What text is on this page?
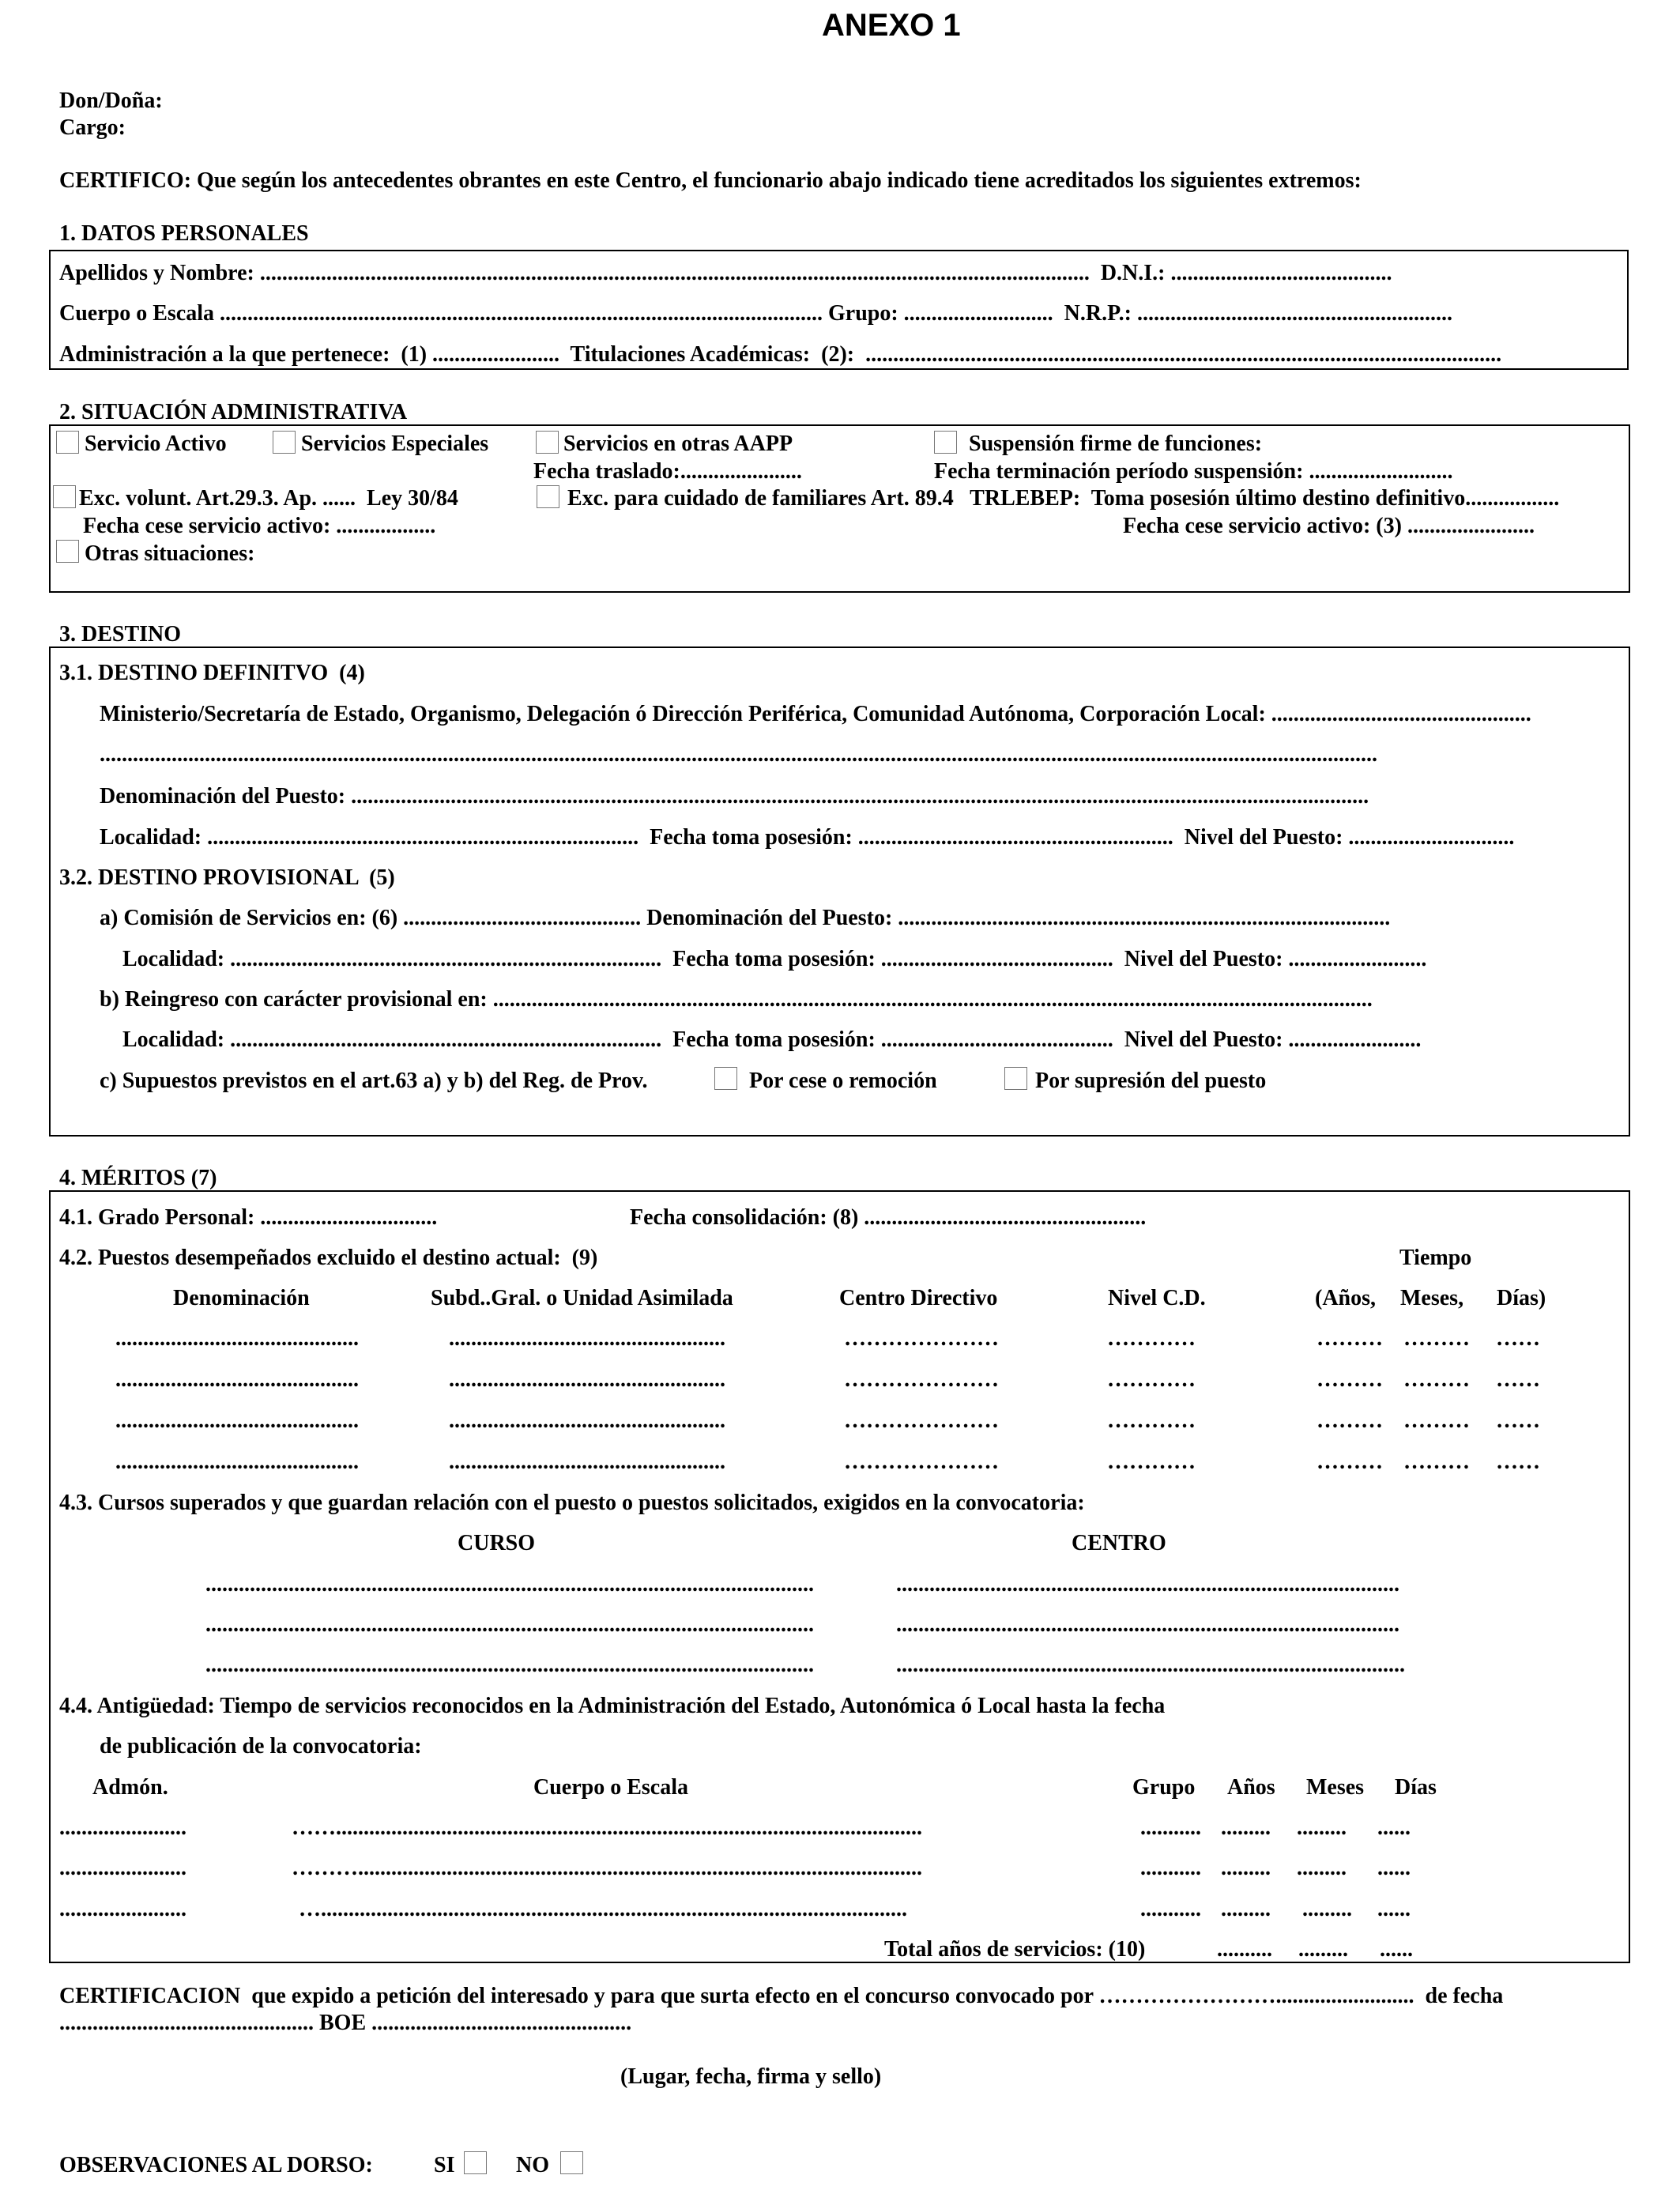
ANEXO 1
Don/Doña:
Cargo:
CERTIFICO: Que según los antecedentes obrantes en este Centro, el funcionario abajo indicado tiene acreditados los siguientes extremos:
1. DATOS PERSONALES
Apellidos y Nombre: ......................................................................................................................................................  D.N.I.: ........................................
Cuerpo o Escala ............................................................................................................. Grupo: ...........................  N.R.P.: .........................................................
Administración a la que pertenece:  (1) .......................  Titulaciones Académicas:  (2):  ...................................................................................................................
2. SITUACIÓN ADMINISTRATIVA
Servicio Activo	Servicios Especiales	Servicios en otras AAPP	Suspensión firme de funciones:
Fecha traslado:......................	Fecha terminación período suspensión: ..........................
Exc. volunt. Art.29.3. Ap. ......  Ley 30/84	Exc. para cuidado de familiares Art. 89.4   TRLEBEP:  Toma posesión último destino definitivo.................
Fecha cese servicio activo: ..................	Fecha cese servicio activo: (3) .......................
Otras situaciones:
3. DESTINO
3.1. DESTINO DEFINITVO  (4)
Ministerio/Secretaría de Estado, Organismo, Delegación ó Dirección Periférica, Comunidad Autónoma, Corporación Local: ...............................................
.......................................................................................................................................................................................................................................
Denominación del Puesto: ........................................................................................................................................................................................
Localidad: ..............................................................................  Fecha toma posesión: .........................................................  Nivel del Puesto: ..............................
3.2. DESTINO PROVISIONAL  (5)
a) Comisión de Servicios en: (6) ........................................... Denominación del Puesto: .........................................................................................
Localidad: ..............................................................................  Fecha toma posesión: ..........................................  Nivel del Puesto: .........................
b) Reingreso con carácter provisional en: ...............................................................................................................................................................
Localidad: ..............................................................................  Fecha toma posesión: ..........................................  Nivel del Puesto: ........................
c) Supuestos previstos en el art.63 a) y b) del Reg. de Prov.	Por cese o remoción	Por supresión del puesto
4. MÉRITOS (7)
4.1. Grado Personal: ................................	Fecha consolidación: (8) ...................................................
4.2. Puestos desempeñados excluido el destino actual:  (9)	Tiempo
Denominación	Subd..Gral. o Unidad Asimilada	Centro Directivo	Nivel C.D.	(Años, Meses, Días)
............................................	..................................................	…………………	…………	……… ……… ……
............................................	..................................................	…………………	…………	……… ……… ……
............................................	..................................................	…………………	…………	……… ……… ……
............................................	..................................................	…………………	…………	……… ……… ……
4.3. Cursos superados y que guardan relación con el puesto o puestos solicitados, exigidos en la convocatoria:
CURSO	CENTRO
..............................................................................................................	...........................................................................................
..............................................................................................................	...........................................................................................
..............................................................................................................	............................................................................................
4.4. Antigüedad: Tiempo de servicios reconocidos en la Administración del Estado, Autonómica ó Local hasta la fecha
de publicación de la convocatoria:
Admón.	Cuerpo o Escala	Grupo Años Meses Días
.......................	……..........................................................................................................	........... ......... ......... ......
.......................	………......................................................................................................	........... ......... ......... ......
.......................	…..........................................................................................................	........... ......... ......... ......
Total años de servicios: (10)	.......... ......... ......
CERTIFICACION  que expido a petición del interesado y para que surta efecto en el concurso convocado por …………………….........................  de fecha
.............................................. BOE ...............................................
(Lugar, fecha, firma y sello)
OBSERVACIONES AL DORSO:	SI	NO
